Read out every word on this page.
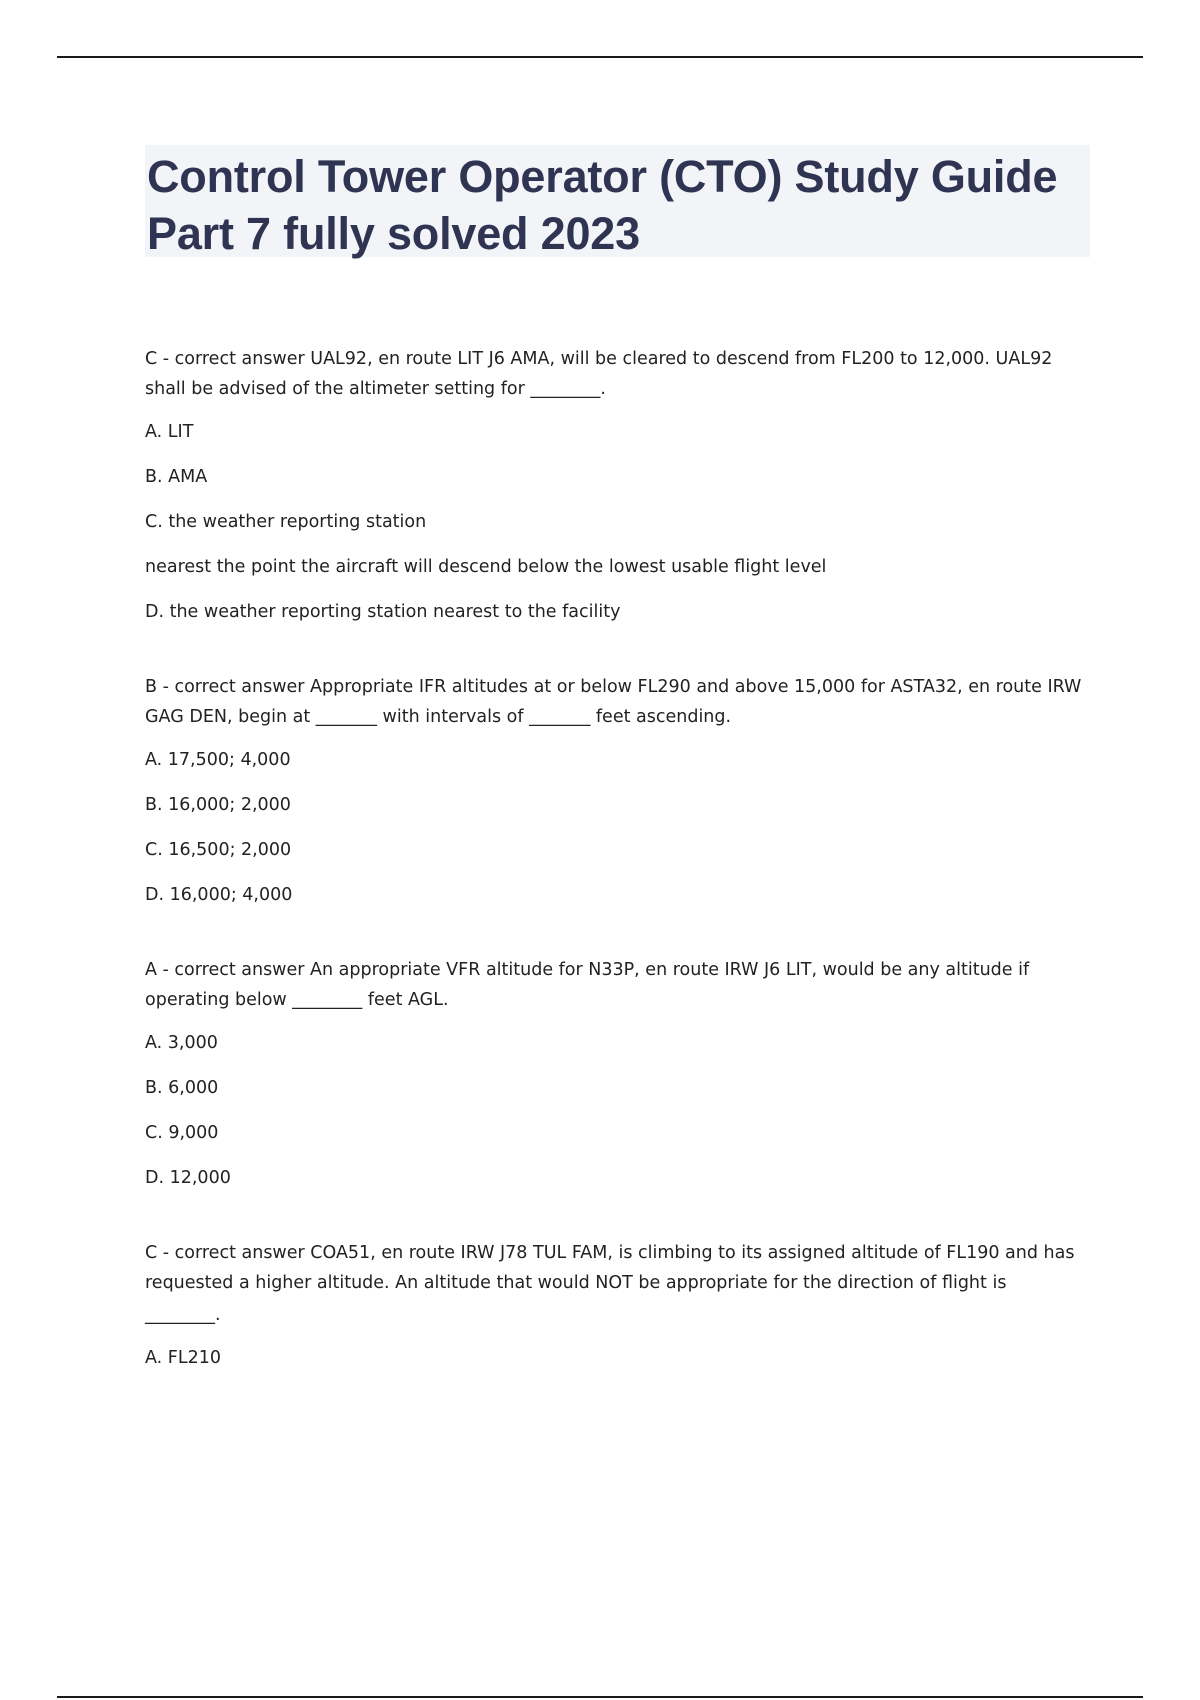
Control Tower Operator (CTO) Study Guide Part 7 fully solved 2023

C - correct answer UAL92, en route LIT J6 AMA, will be cleared to descend from FL200 to 12,000. UAL92 shall be advised of the altimeter setting for ________.

A. LIT

B. AMA

C. the weather reporting station

nearest the point the aircraft will descend below the lowest usable flight level

D. the weather reporting station nearest to the facility

B - correct answer Appropriate IFR altitudes at or below FL290 and above 15,000 for ASTA32, en route IRW GAG DEN, begin at _______ with intervals of _______ feet ascending.

A. 17,500; 4,000

B. 16,000; 2,000

C. 16,500; 2,000

D. 16,000; 4,000

A - correct answer An appropriate VFR altitude for N33P, en route IRW J6 LIT, would be any altitude if operating below ________ feet AGL.

A. 3,000

B. 6,000

C. 9,000

D. 12,000

C - correct answer COA51, en route IRW J78 TUL FAM, is climbing to its assigned altitude of FL190 and has requested a higher altitude. An altitude that would NOT be appropriate for the direction of flight is
________.

A. FL210
